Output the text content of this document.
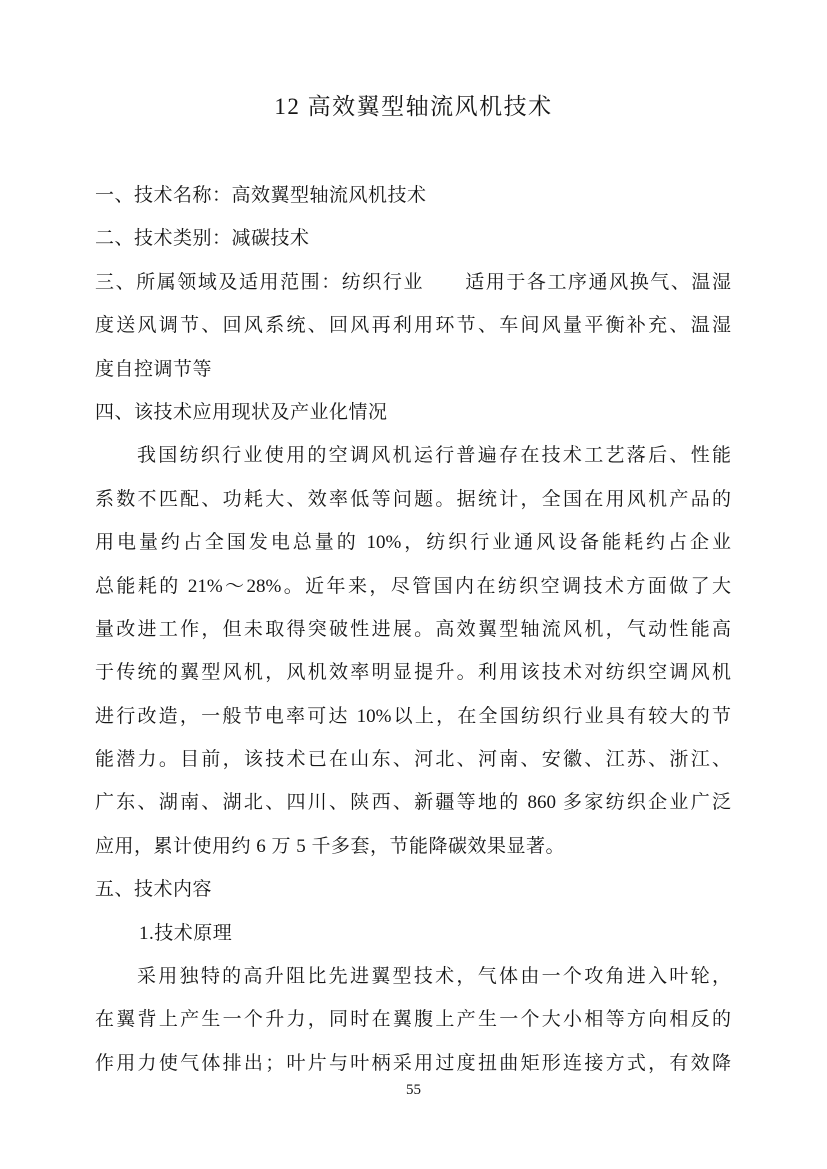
12 高效翼型轴流风机技术
一、技术名称：高效翼型轴流风机技术
二、技术类别：减碳技术
三、所属领域及适用范围：纺织行业　　适用于各工序通风换气、温湿
度送风调节、回风系统、回风再利用环节、车间风量平衡补充、温湿
度自控调节等
四、该技术应用现状及产业化情况
我国纺织行业使用的空调风机运行普遍存在技术工艺落后、性能
系数不匹配、功耗大、效率低等问题。据统计，全国在用风机产品的
用电量约占全国发电总量的 10%，纺织行业通风设备能耗约占企业
总能耗的 21%～28%。近年来，尽管国内在纺织空调技术方面做了大
量改进工作，但未取得突破性进展。高效翼型轴流风机，气动性能高
于传统的翼型风机，风机效率明显提升。利用该技术对纺织空调风机
进行改造，一般节电率可达 10%以上，在全国纺织行业具有较大的节
能潜力。目前，该技术已在山东、河北、河南、安徽、江苏、浙江、
广东、湖南、湖北、四川、陕西、新疆等地的 860 多家纺织企业广泛
应用，累计使用约 6 万 5 千多套，节能降碳效果显著。
五、技术内容
1.技术原理
采用独特的高升阻比先进翼型技术，气体由一个攻角进入叶轮，
在翼背上产生一个升力，同时在翼腹上产生一个大小相等方向相反的
作用力使气体排出；叶片与叶柄采用过度扭曲矩形连接方式，有效降
55
